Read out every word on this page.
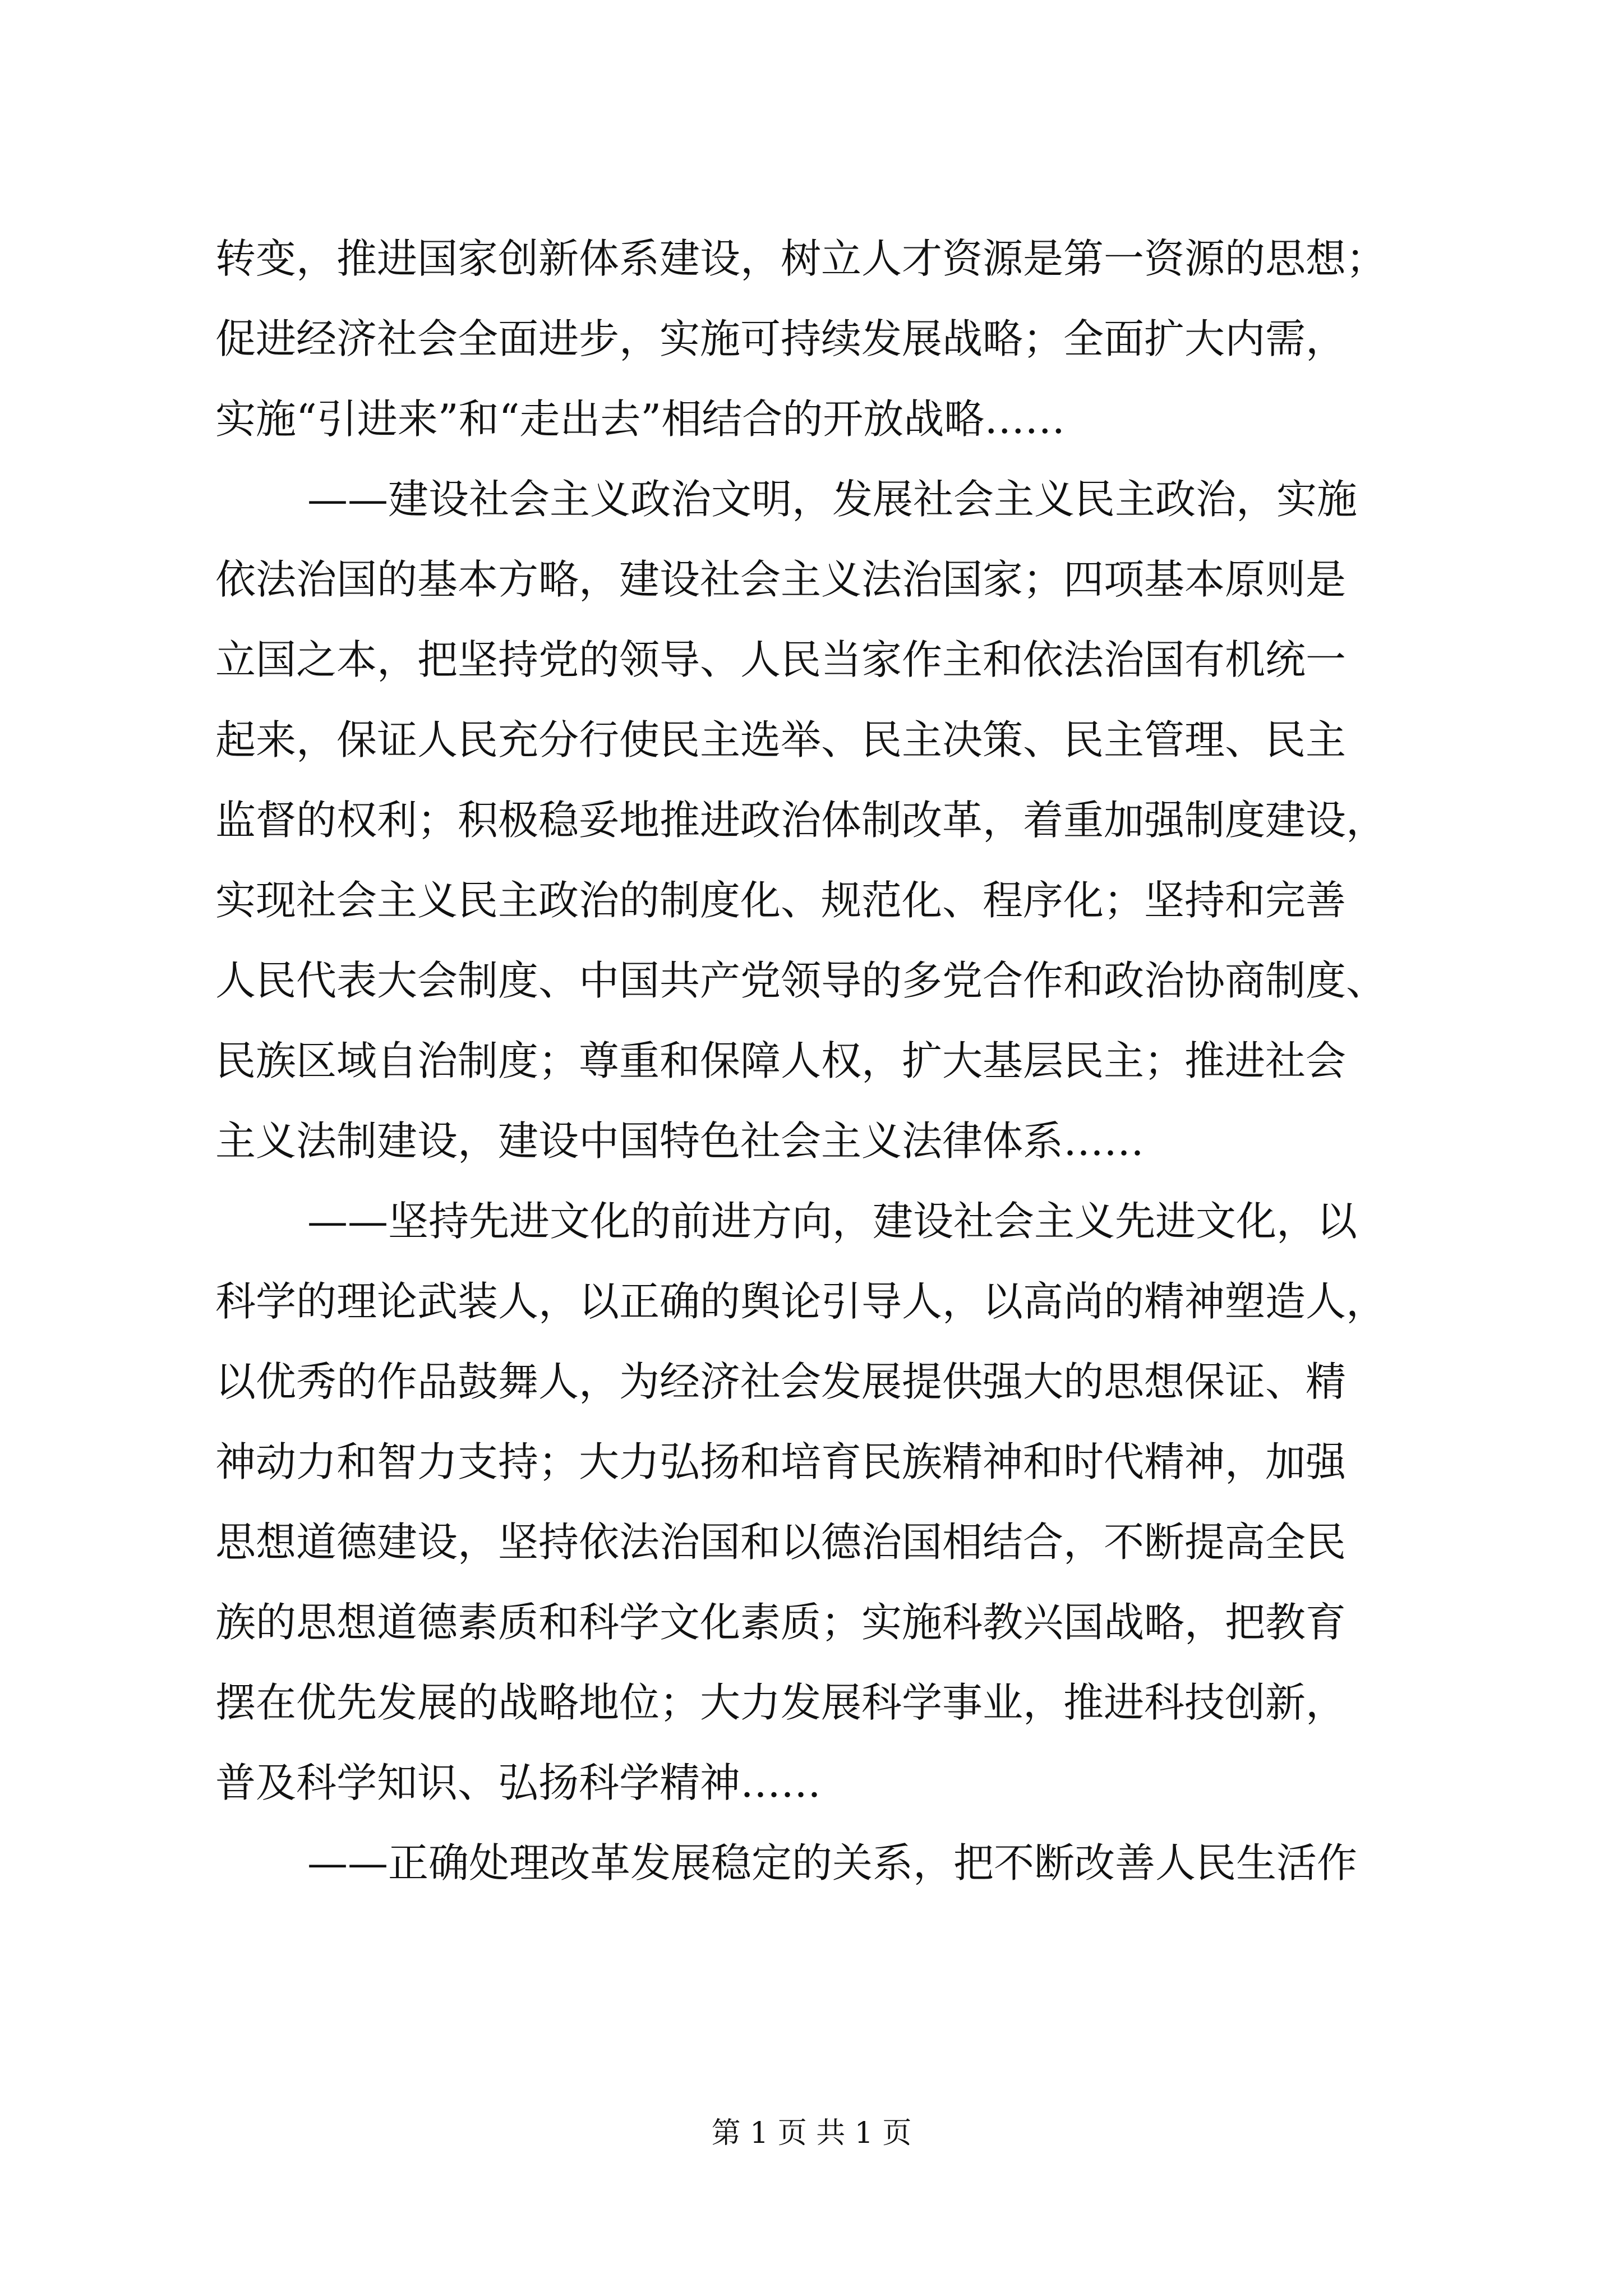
转变，推进国家创新体系建设，树立人才资源是第一资源的思想；
促进经济社会全面进步，实施可持续发展战略；全面扩大内需，
实施“引进来”和“走出去”相结合的开放战略……
——建设社会主义政治文明，发展社会主义民主政治，实施
依法治国的基本方略，建设社会主义法治国家；四项基本原则是
立国之本，把坚持党的领导、人民当家作主和依法治国有机统一
起来，保证人民充分行使民主选举、民主决策、民主管理、民主
监督的权利；积极稳妥地推进政治体制改革，着重加强制度建设，
实现社会主义民主政治的制度化、规范化、程序化；坚持和完善
人民代表大会制度、中国共产党领导的多党合作和政治协商制度、
民族区域自治制度；尊重和保障人权，扩大基层民主；推进社会
主义法制建设，建设中国特色社会主义法律体系……
——坚持先进文化的前进方向，建设社会主义先进文化，以
科学的理论武装人，以正确的舆论引导人，以高尚的精神塑造人，
以优秀的作品鼓舞人，为经济社会发展提供强大的思想保证、精
神动力和智力支持；大力弘扬和培育民族精神和时代精神，加强
思想道德建设，坚持依法治国和以德治国相结合，不断提高全民
族的思想道德素质和科学文化素质；实施科教兴国战略，把教育
摆在优先发展的战略地位；大力发展科学事业，推进科技创新，
普及科学知识、弘扬科学精神……
——正确处理改革发展稳定的关系，把不断改善人民生活作
第 1 页 共 1 页
